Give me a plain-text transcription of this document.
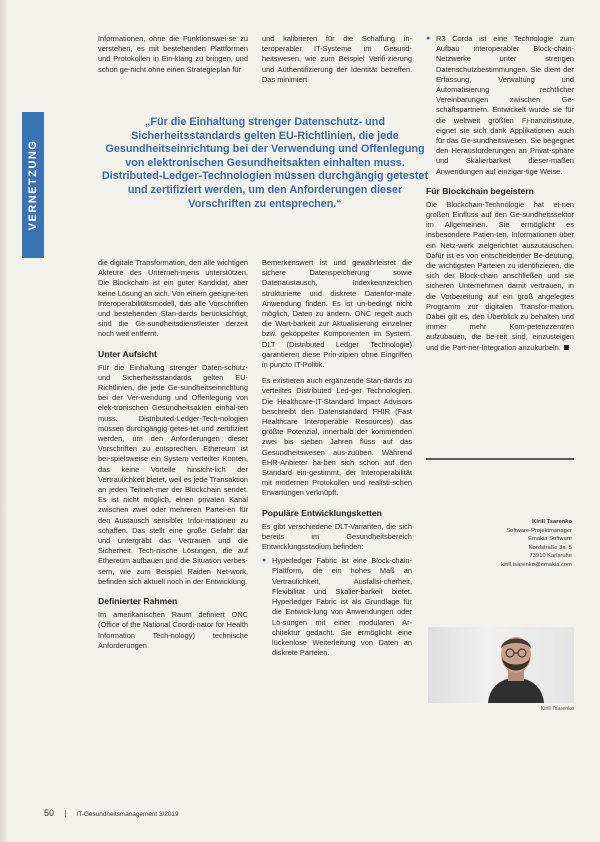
Informationen, ohne die Funktionswei-se zu verstehen, es mit bestehenden Plattformen und Protokollen in Ein-klang zu bringen, und schon ge-nicht ohne einen Strategieplan für

und kalibrieren für die Schaffung in-teroperabler IT-Systeme im Gesund-heitswesen, wie zum Beispiel Verifi-zierung und Authentifizierung der Identität betreffen. Das minimiert

● R3 Corda ist eine Technologie zum Aufbau interoperabler Block-chain-Netzwerke unter strengen Datenschutzbestimmungen. Sie dient der Erfassung, Verwaltung und Automatisierung rechtlicher Vereinbarungen zwischen Ge-schäftspartnern. Entwickelt wurde sie für die weltweit größten Fi-nanzinstitute, eignet sie sich dank Applikationen auch für das Ge-sundheitswesen. Sie begegnet den Herausforderungen an Privat-sphäre und Skalierbarkeit dieser-maßen Anwendungen auf einzigar-tige Weise.
Für Blockchain begeistern

Die Blockchain-Technologie hat ei-nen großen Einfluss auf den Ge-sundheitssektor im Allgemeinen. Sie ermöglicht es insbesondere Patien-ten, Informationen über ein Netz-werk zielgerichtet auszutauschen. Dafür ist es von entscheidender Be-deutung, die wichtigsten Parteien zu identifizieren, die sich der Block-chain anschließen und sie sicheren Unternehmen damit vertrauen, in die Vorbereitung auf ein groß angelegtes Programm zur digitalen Transfor-mation. Dabei gilt es, den Überblick zu behalten und immer mehr Kom-petenzzentren aufzubauen, die be-reit sind, einzusteigen und die Part-ner-Integration anzukurbeln.

VERNETZUNG
„Für die Einhaltung strenger Datenschutz- und Sicherheitsstandards gelten EU-Richtlinien, die jede Gesundheitseinrichtung bei der Verwendung und Offenlegung von elektronischen Gesundheitsakten einhalten muss. Distributed-Ledger-Technologien müssen durchgängig getestet und zertifiziert werden, um den Anforderungen dieser Vorschriften zu entsprechen.“

die digitale Transformation, den alle wichtigen Akteure des Unterneh-mens unterstützen. Die Blockchain ist ein guter Kandidat, aber keine Lösung an sich. Von einem geeigne-ten Interoperabilitätsmodell, das alle Vorschriften und bestehenden Stan-dards berücksichtigt, sind die Ge-sundheitsdienstleister derzeit noch weit entfernt.

Unter Aufsicht

Für die Einhaltung strenger Daten-schutz- und Sicherheitsstandards gelten EU-Richtlinien, die jede Ge-sundheitseinrichtung bei der Ver-wendung und Offenlegung von elek-tronischen Gesundheitsakten einhal-ten muss. Distributed-Ledger-Tech-nologien müssen durchgängig getes-tet und zertifiziert werden, um den Anforderungen dieser Vorschriften zu entsprechen. Ethereum ist bei-spielsweise ein System verteilter Konten, das keine Vorteile hinsicht-lich der Vertraulichkeit bietet, weil es jede Transaktion an jeden Teilneh-mer der Blockchain sendet. Es ist nicht möglich, einen privaten Kanal zwischen zwei oder mehreren Partei-en für den Austausch sensibler Infor-mationen zu schaffen. Das stellt eine große Gefahr dar und untergräbt das Vertrauen und die Sicherheit. Tech-nische Lösungen, die auf Ethereum aufbauen und die Situation verbes-sern, wie zum Beispiel Raiden Net-work, befinden sich aktuell noch in der Entwicklung.

Definierter Rahmen

Im amerikanischen Raum definiert ONC (Office of the National Coordi-nator for Health Information Tech-nology) technische Anforderungen

Bemerkenswert ist und gewährleistet die sichere Datenspeicherung sowie Datenaustausch, Indexkennzeichen strukturierte und diskrete Datenfor-mate Anwendung finden. Es ist un-bedingt nicht möglich, Daten zu ändern. ONC regelt auch die Wart-barkeit zur Aktualisierung einzelner bzw. gekoppelter Komponenten im System. DLT (Distributed Ledger Technologie) garantieren diese Prin-zipien ohne Eingriffen in puncto IT-Politik.

Es existieren auch ergänzende Stan-dards zu verteiltes Distributed Led-ger Technologien. Die Healthcare-IT-Standard Impact Advisors beschreibt den Datenstandard FHIR (Fast Healthcare Interoperable Resources) das größte Potenzial, innerhalb der kommenden zwei bis sieben Jahren flüss auf das Gesundheitswesen aus-zuüben. Während EHR-Anbieter ha-ben sich schon auf den Standard ein-gestimmt, der Interoperabilität mit modernen Protokollen und realisti-schen Erwartungen verknüpft.

Populäre Entwicklungsketten

Es gibt verschiedene DLT-Varianten, die sich bereits im Gesundheitsbereich Entwicklungsstadium befinden:

● Hyperledger Fabric ist eine Block-chain-Plattform, die ein hohes Maß an Vertraulichkeit, Ausfallsi-cherheit, Flexibilität und Skalier-barkeit bietet. Hyperledger Fabric ist als Grundlage für die Entwick-lung von Anwendungen oder Lö-sungen mit einer modularen Ar-chitektur gedacht. Sie ermöglicht eine lückenlose Weiterleitung von Daten an diskrete Parteien.
Kirill Tsarenko
Software-Projektmanager
Emakia Software
Nordstraße 3a, 5
73910 Karlsruhe
kirill.tsarenko@emakia.com
Kirill Tsarenko
50 | IT-Gesundheitsmanagement 3/2019
